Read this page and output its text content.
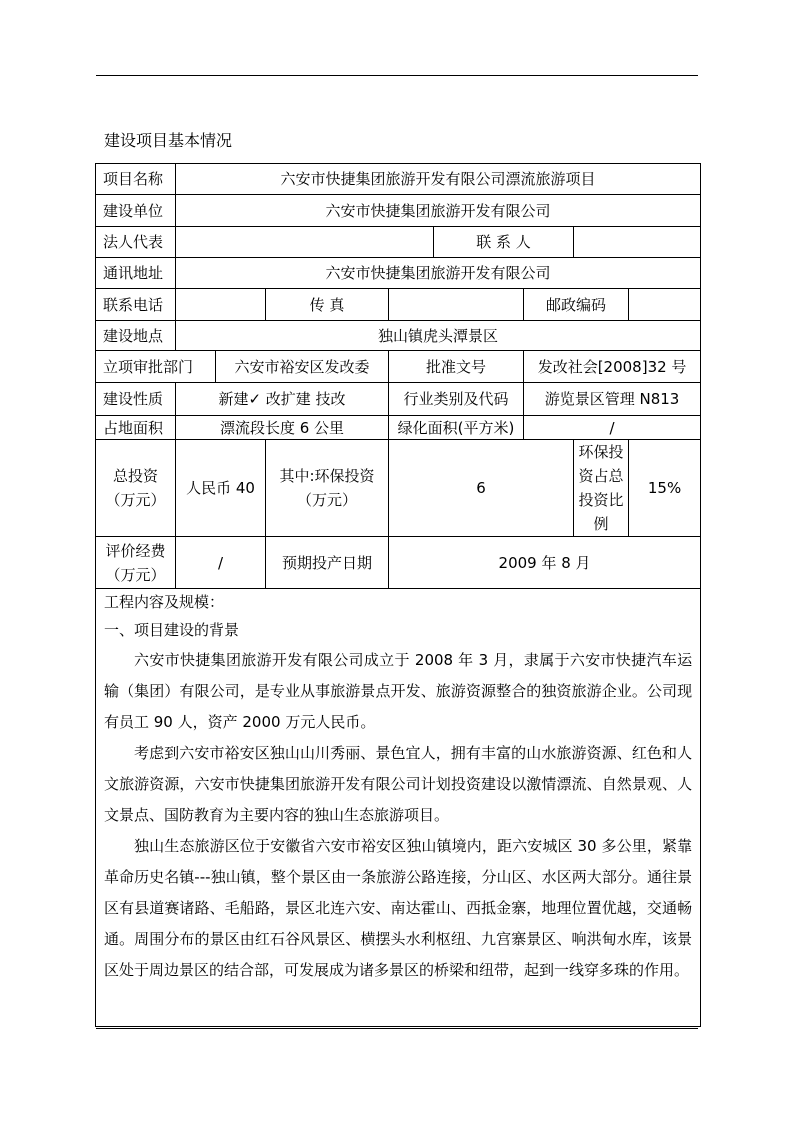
建设项目基本情况
项目名称	六安市快捷集团旅游开发有限公司漂流旅游项目							
建设单位	六安市快捷集团旅游开发有限公司							
法人代表					联 系 人			
通讯地址	六安市快捷集团旅游开发有限公司							
联系电话			传 真			邮政编码		
建设地点	独山镇虎头潭景区							
立项审批部门		六安市裕安区发改委		批准文号		发改社会[2008]32 号		
建设性质	新建✓ 改扩建 技改			行业类别及代码		游览景区管理 N813		
占地面积	漂流段长度 6 公里			绿化面积(平方米)		/		
总投资（万元）	人民币 40		其中:环保投资（万元）	6			环保投资占总投资比例	15%
评价经费（万元）	/		预期投产日期	2009 年 8 月				

工程内容及规模：
一、项目建设的背景

六安市快捷集团旅游开发有限公司成立于 2008 年 3 月，隶属于六安市快捷汽车运输（集团）有限公司，是专业从事旅游景点开发、旅游资源整合的独资旅游企业。公司现有员工 90 人，资产 2000 万元人民币。

考虑到六安市裕安区独山山川秀丽、景色宜人，拥有丰富的山水旅游资源、红色和人文旅游资源，六安市快捷集团旅游开发有限公司计划投资建设以激情漂流、自然景观、人文景点、国防教育为主要内容的独山生态旅游项目。

独山生态旅游区位于安徽省六安市裕安区独山镇境内，距六安城区 30 多公里，紧靠革命历史名镇---独山镇，整个景区由一条旅游公路连接，分山区、水区两大部分。通往景区有县道赛诸路、毛船路，景区北连六安、南达霍山、西抵金寨，地理位置优越，交通畅通。周围分布的景区由红石谷风景区、横摆头水利枢纽、九宫寨景区、响洪甸水库，该景区处于周边景区的结合部，可发展成为诸多景区的桥梁和纽带，起到一线穿多珠的作用。								
